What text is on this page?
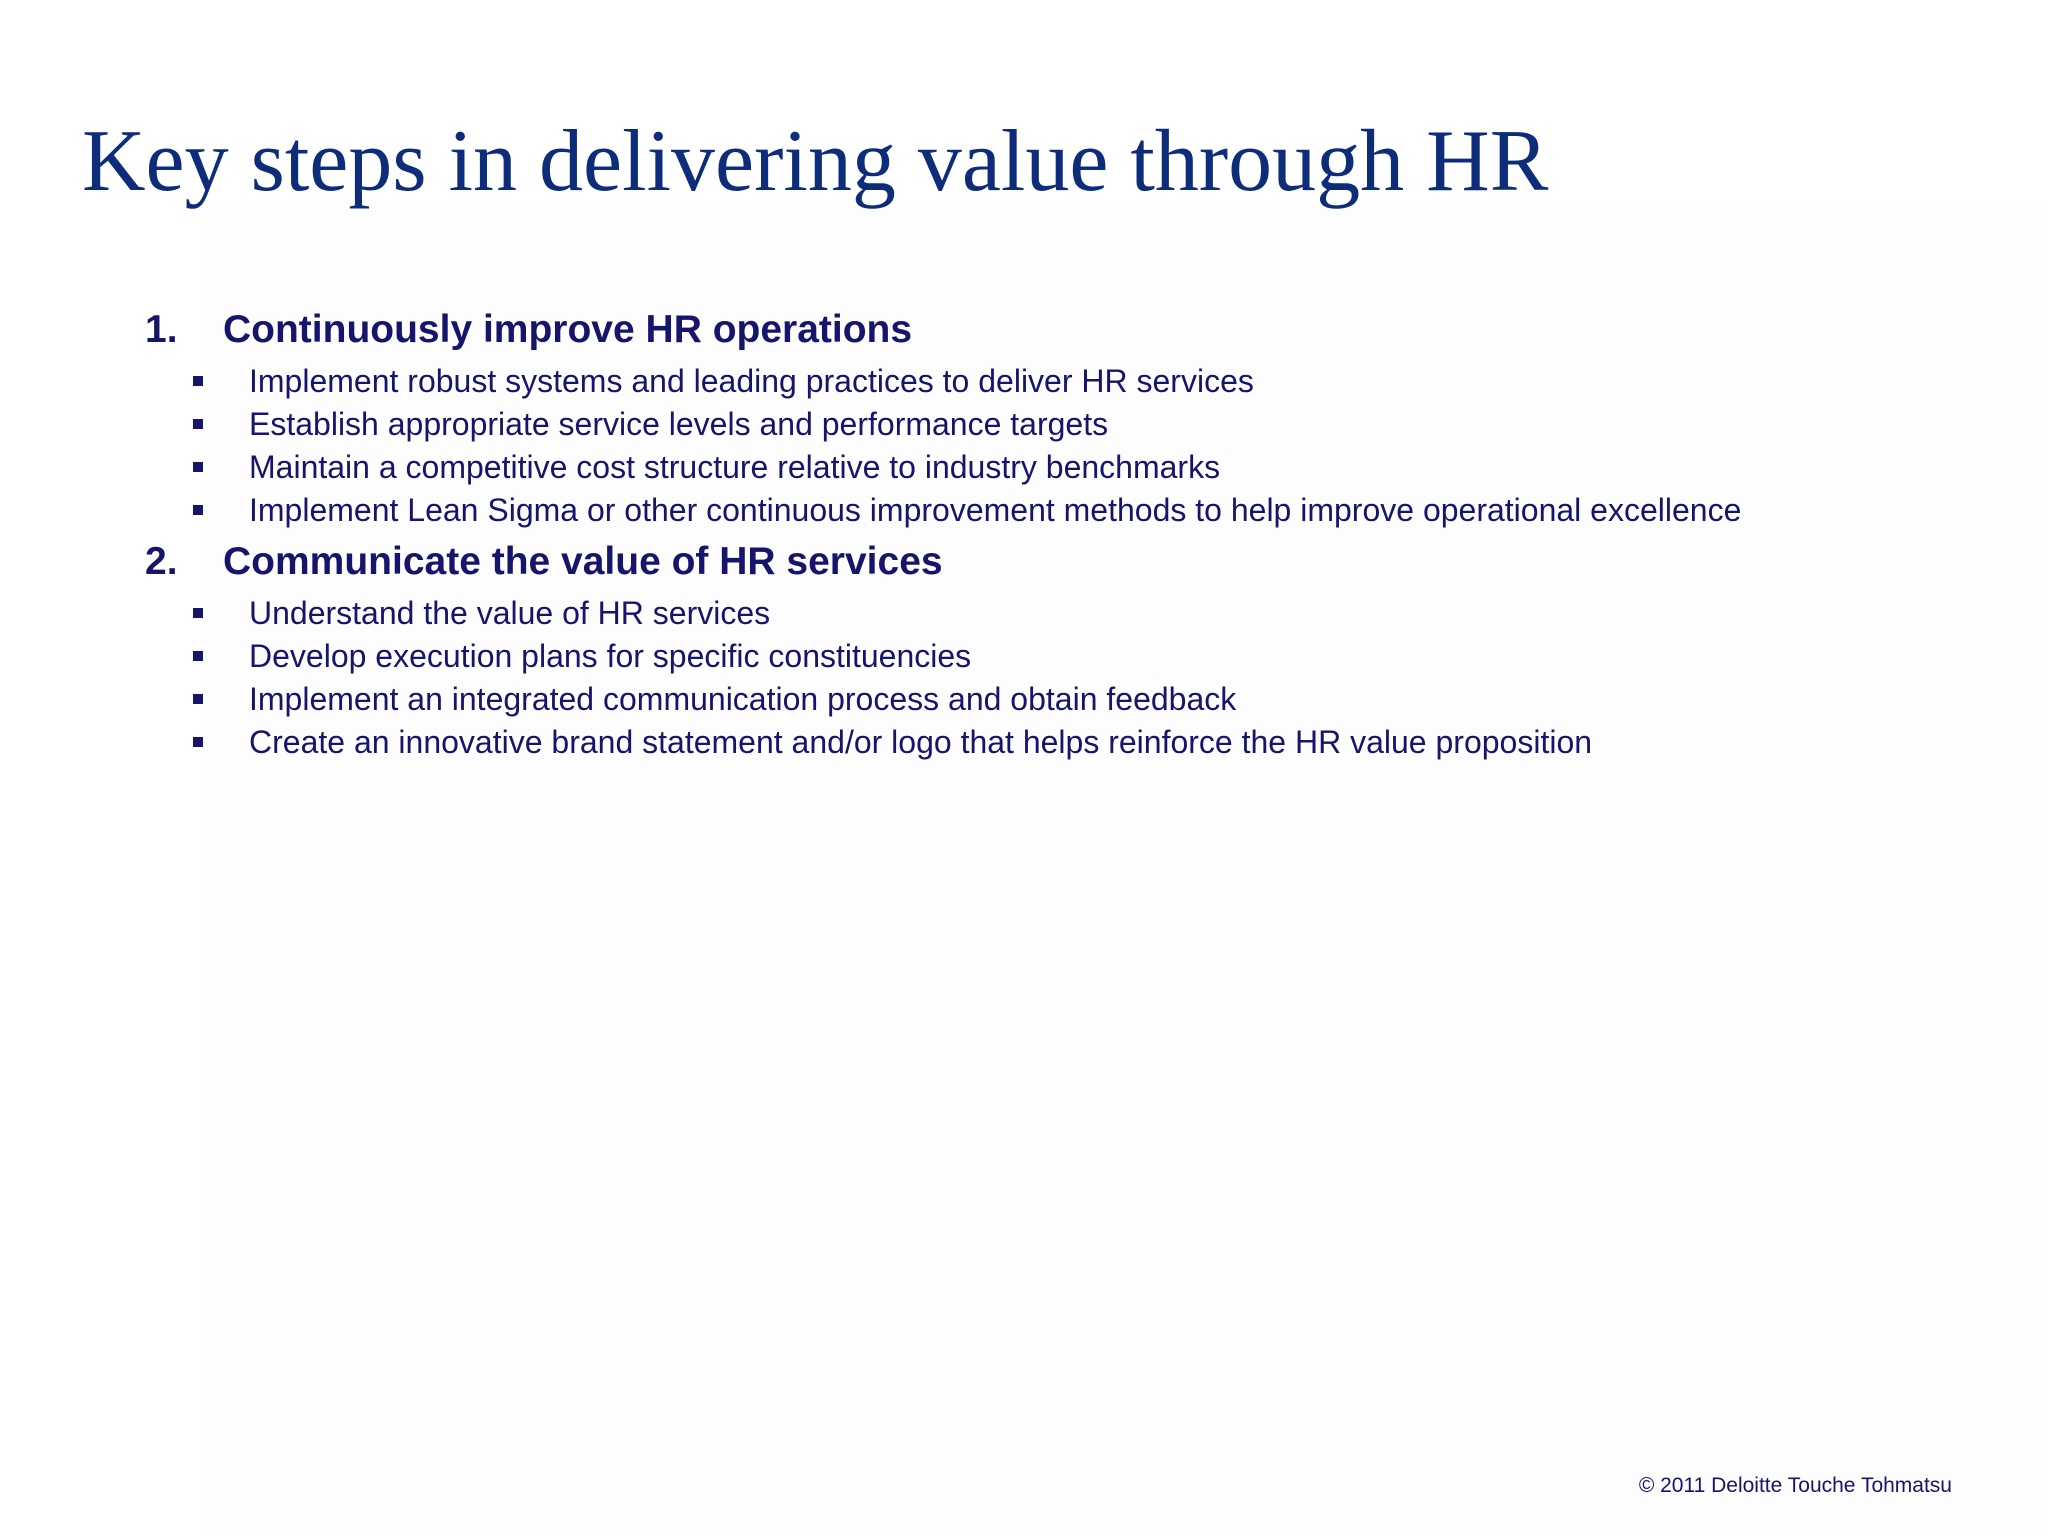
Key steps in delivering value through HR
1. Continuously improve HR operations
Implement robust systems and leading practices to deliver HR services
Establish appropriate service levels and performance targets
Maintain a competitive cost structure relative to industry benchmarks
Implement Lean Sigma or other continuous improvement methods to help improve operational excellence
2. Communicate the value of HR services
Understand the value of HR services
Develop execution plans for specific constituencies
Implement an integrated communication process and obtain feedback
Create an innovative brand statement and/or logo that helps reinforce the HR value proposition
© 2011 Deloitte Touche Tohmatsu
